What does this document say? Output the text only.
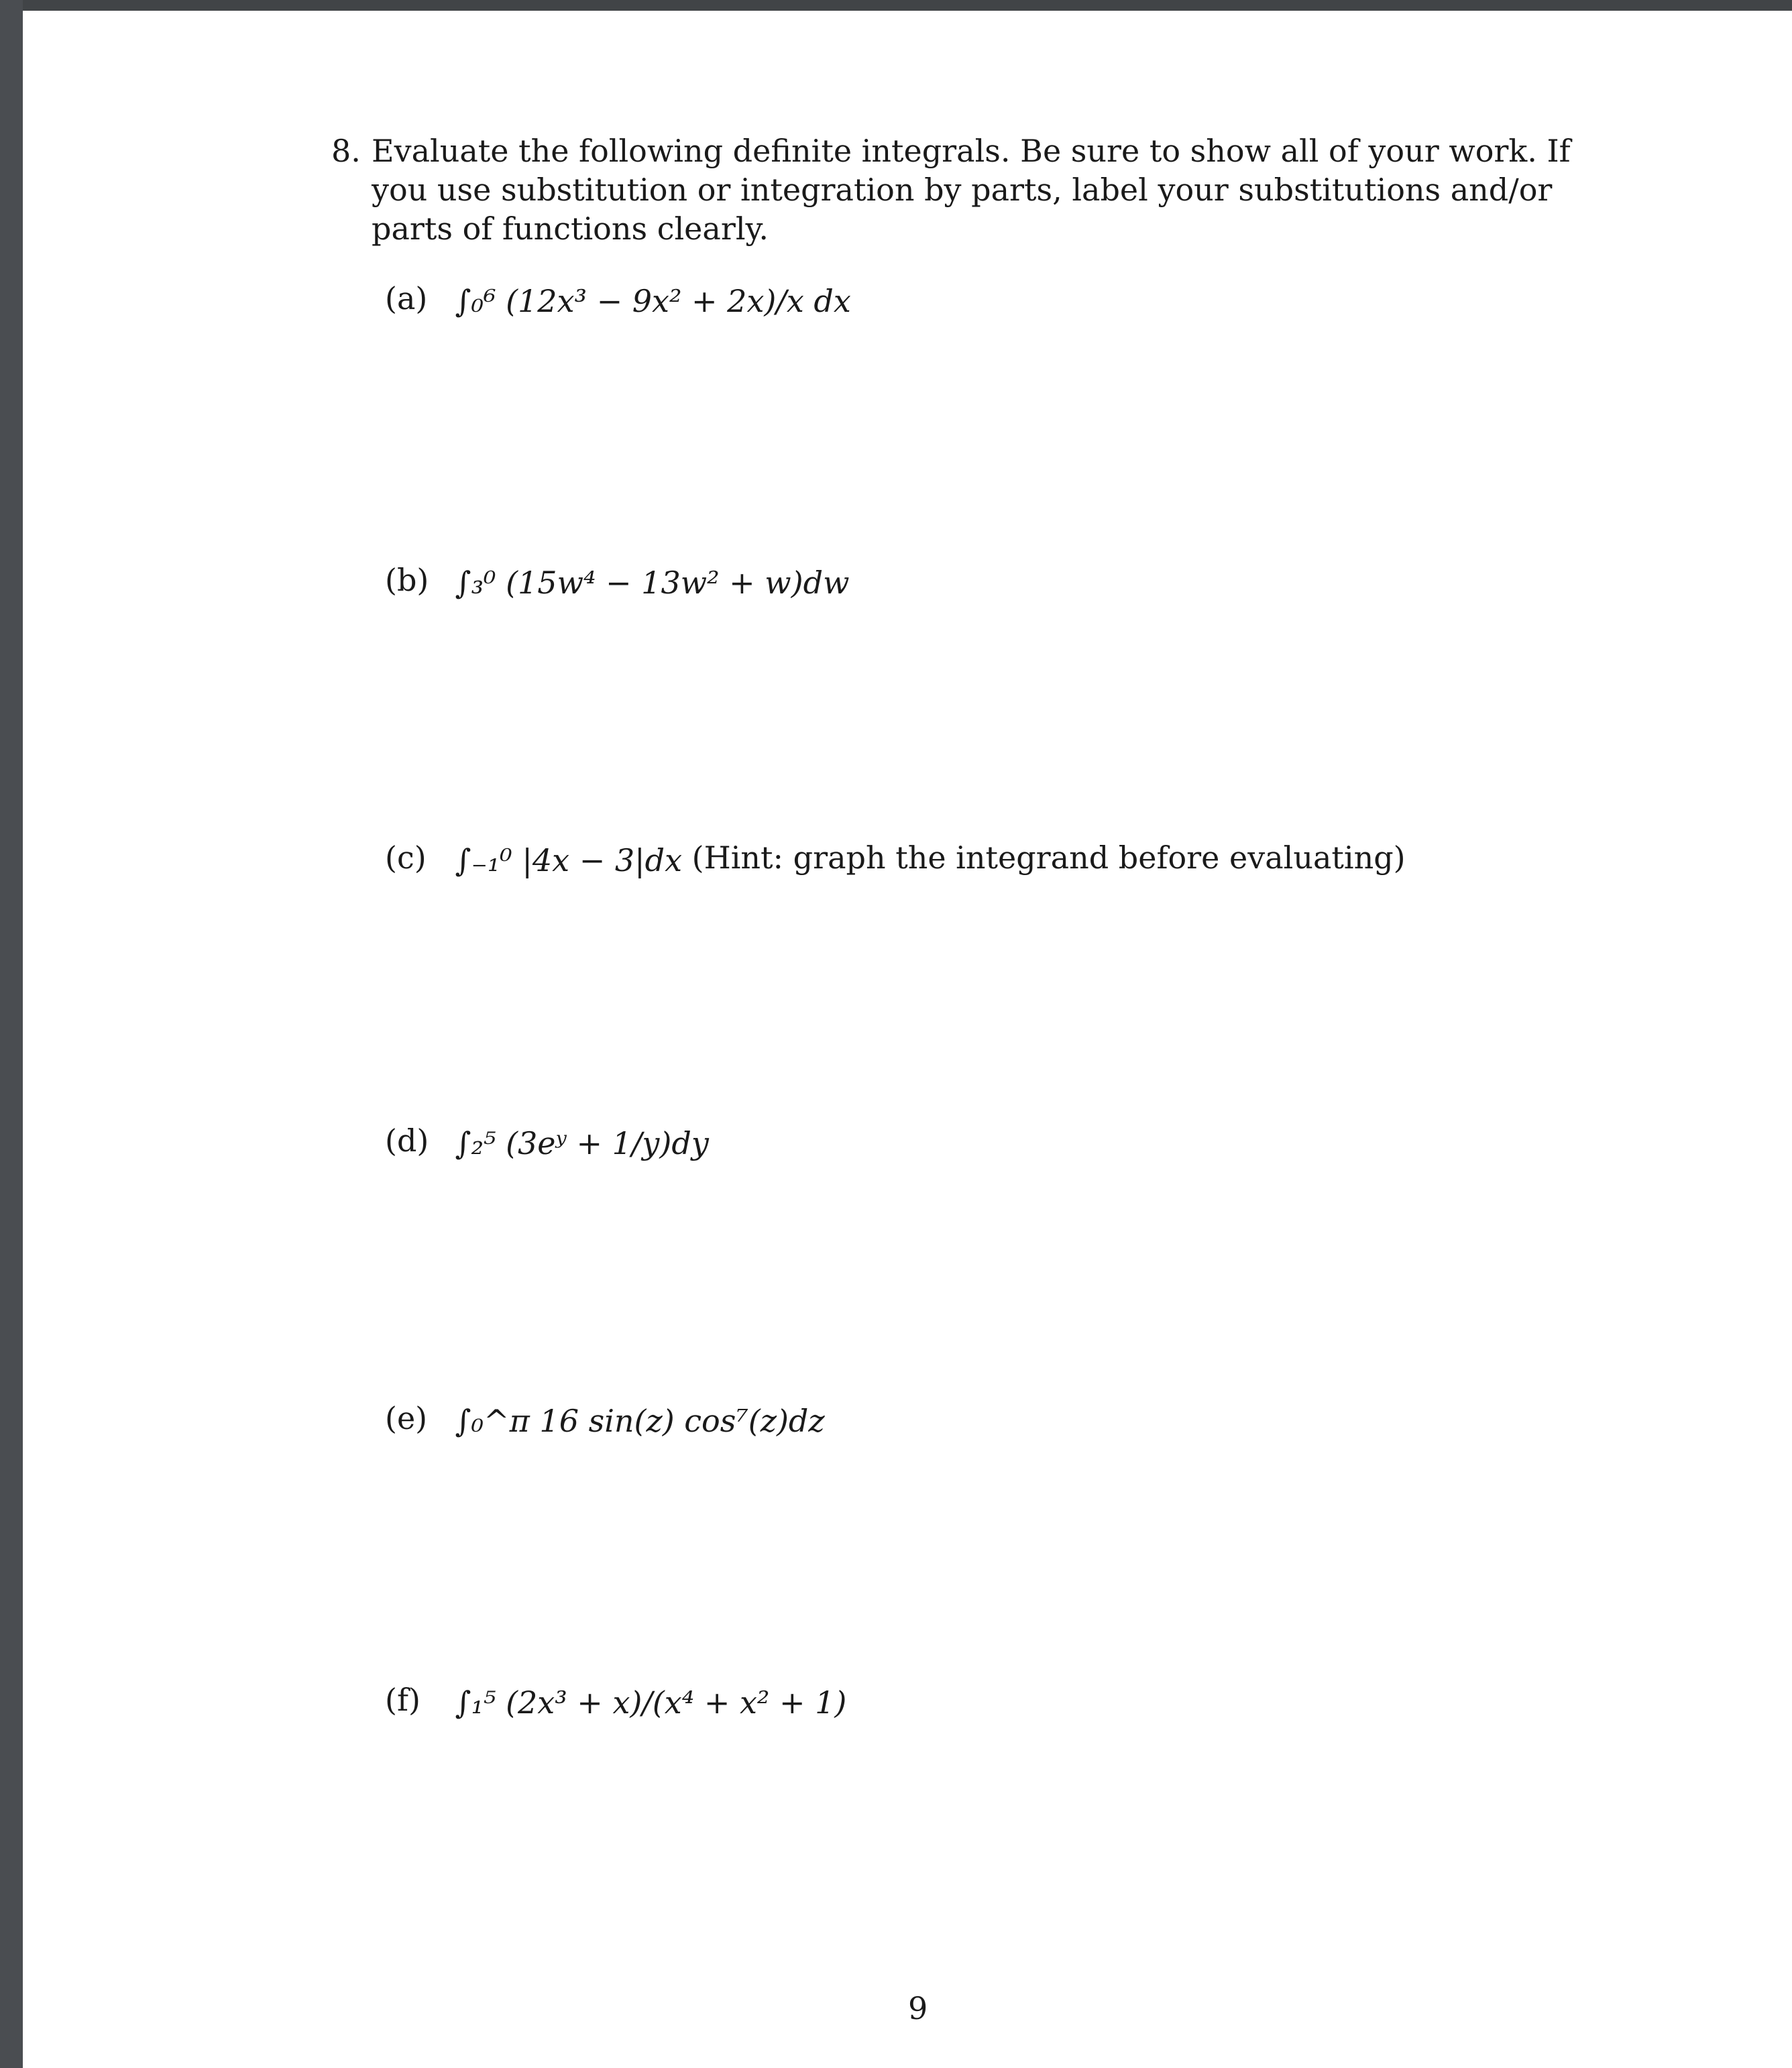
8. Evaluate the following definite integrals. Be sure to show all of your work. If you use substitution or integration by parts, label your substitutions and/or parts of functions clearly.
(a) ∫₀⁶ (12x³ − 9x² + 2x)/x dx
(b) ∫₃⁰ (15w⁴ − 13w² + w)dw
(c) ∫₋₁⁰ |4x − 3|dx (Hint: graph the integrand before evaluating)
(d) ∫₂⁵ (3eʸ + 1/y)dy
(e) ∫₀^π 16 sin(z) cos⁷(z)dz
(f) ∫₁⁵ (2x³ + x)/(x⁴ + x² + 1)
9
